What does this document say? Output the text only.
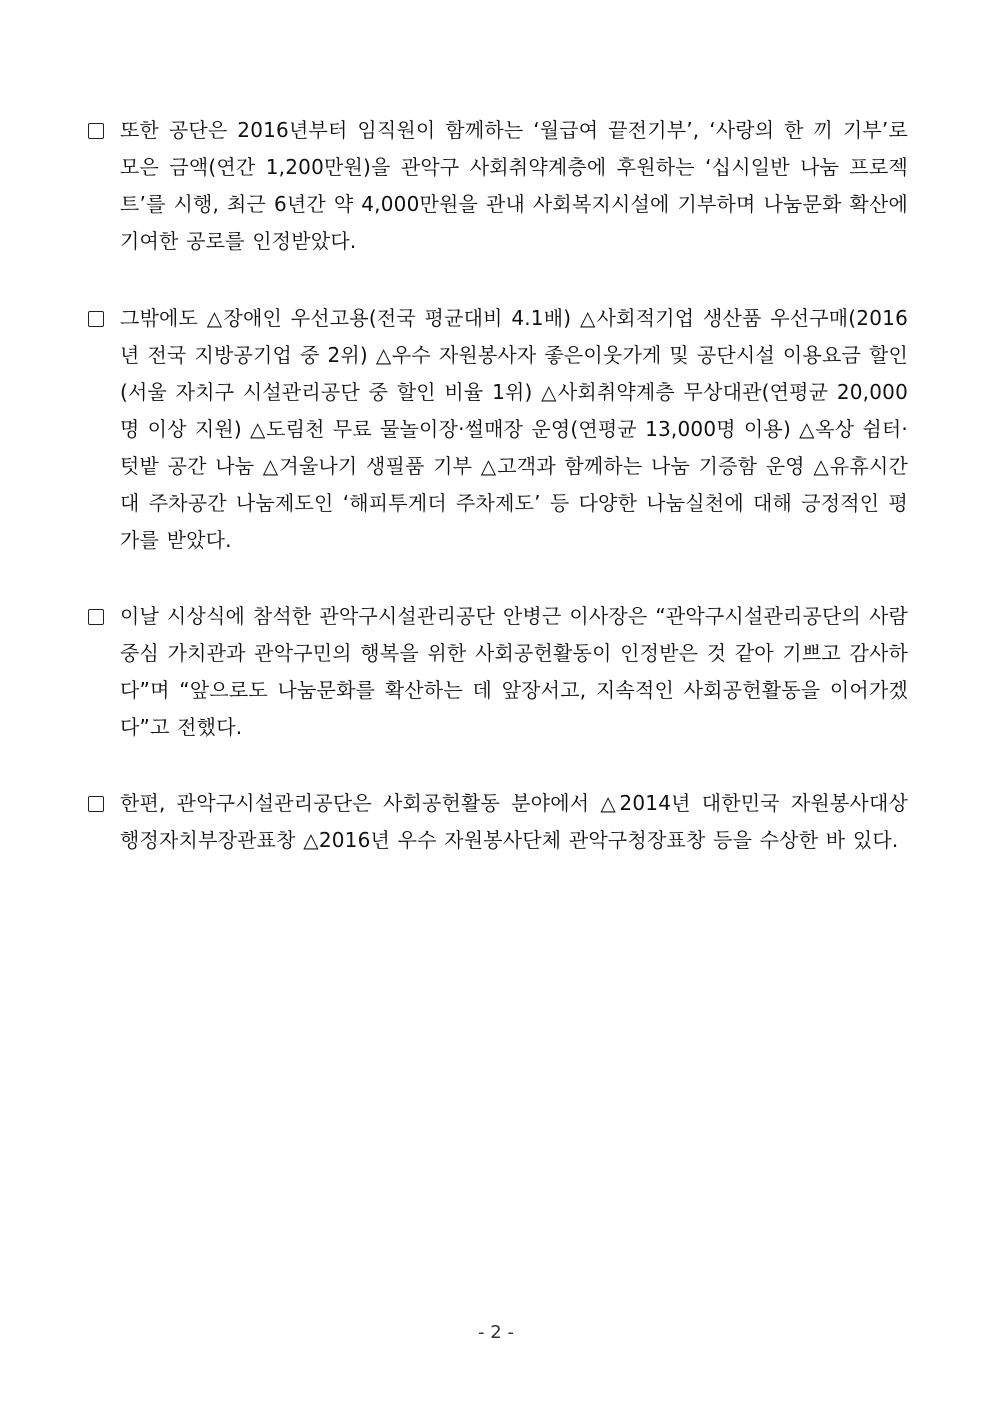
또한 공단은 2016년부터 임직원이 함께하는 ‘월급여 끝전기부’, ‘사랑의 한 끼 기부’로 모은 금액(연간 1,200만원)을 관악구 사회취약계층에 후원하는 ‘십시일반 나눔 프로젝트’를 시행, 최근 6년간 약 4,000만원을 관내 사회복지시설에 기부하며 나눔문화 확산에 기여한 공로를 인정받았다.
그밖에도 △장애인 우선고용(전국 평균대비 4.1배) △사회적기업 생산품 우선구매(2016년 전국 지방공기업 중 2위) △우수 자원봉사자 좋은이웃가게 및 공단시설 이용요금 할인(서울 자치구 시설관리공단 중 할인 비율 1위) △사회취약계층 무상대관(연평균 20,000명 이상 지원) △도림천 무료 물놀이장·썰매장 운영(연평균 13,000명 이용) △옥상 쉼터·텃밭 공간 나눔 △겨울나기 생필품 기부 △고객과 함께하는 나눔 기증함 운영 △유휴시간대 주차공간 나눔제도인 ‘해피투게더 주차제도’ 등 다양한 나눔실천에 대해 긍정적인 평가를 받았다.
이날 시상식에 참석한 관악구시설관리공단 안병근 이사장은 “관악구시설관리공단의 사람중심 가치관과 관악구민의 행복을 위한 사회공헌활동이 인정받은 것 같아 기쁘고 감사하다”며 “앞으로도 나눔문화를 확산하는 데 앞장서고, 지속적인 사회공헌활동을 이어가겠다”고 전했다.
한편, 관악구시설관리공단은 사회공헌활동 분야에서 △2014년 대한민국 자원봉사대상 행정자치부장관표창 △2016년 우수 자원봉사단체 관악구청장표창 등을 수상한 바 있다.
- 2 -
